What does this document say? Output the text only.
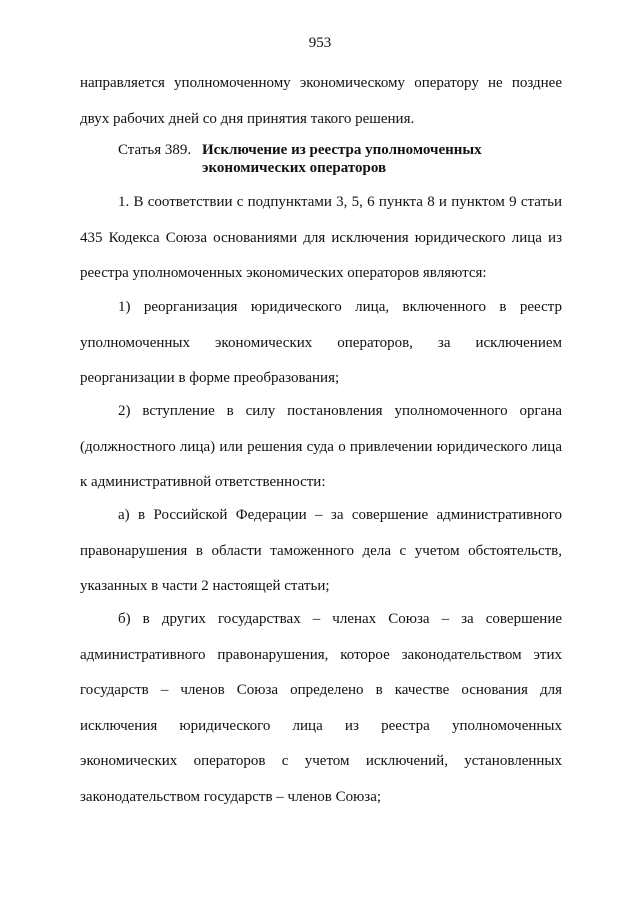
953

направляется уполномоченному экономическому оператору не позднее двух рабочих дней со дня принятия такого решения.

Статья 389. Исключение из реестра уполномоченных
экономических операторов

1. В соответствии с подпунктами 3, 5, 6 пункта 8 и пунктом 9 статьи 435 Кодекса Союза основаниями для исключения юридического лица из реестра уполномоченных экономических операторов являются:

1) реорганизация юридического лица, включенного в реестр уполномоченных экономических операторов, за исключением реорганизации в форме преобразования;

2) вступление в силу постановления уполномоченного органа (должностного лица) или решения суда о привлечении юридического лица к административной ответственности:

а) в Российской Федерации – за совершение административного правонарушения в области таможенного дела с учетом обстоятельств, указанных в части 2 настоящей статьи;

б) в других государствах – членах Союза – за совершение административного правонарушения, которое законодательством этих государств – членов Союза определено в качестве основания для исключения юридического лица из реестра уполномоченных экономических операторов с учетом исключений, установленных законодательством государств – членов Союза;
